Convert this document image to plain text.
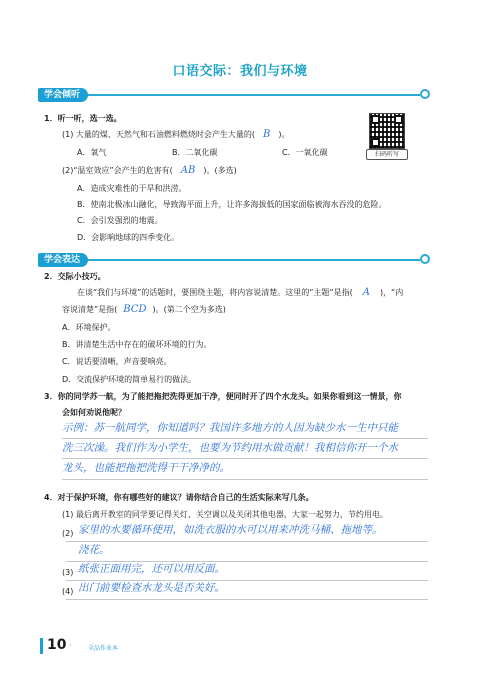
口语交际：我们与环境
学会倾听
1．听一听，选一选。
(1) 大量的煤、天然气和石油燃料燃烧时会产生大量的( B )。
A．氧气	B．二氧化碳	C．一氧化碳	扫码听写
(2)“温室效应”会产生的危害有( AB )。(多选)
A．造成灾难性的干旱和洪涝。
B．使南北极冰山融化，导致海平面上升，让许多海拔低的国家面临被海水吞没的危险。
C．会引发强烈的地震。
D．会影响地球的四季变化。
学会表达
2．交际小技巧。
在谈“我们与环境”的话题时，要围绕主题，将内容说清楚。这里的“主题”是指( A )，“内
容说清楚”是指( BCD )。(第二个空为多选)
A．环境保护。
B．讲清楚生活中存在的破坏环境的行为。
C．说话要清晰，声音要响亮。
D．交流保护环境的简单易行的做法。
3．你的同学苏一航，为了能把拖把洗得更加干净，便同时开了四个水龙头。如果你看到这一情景，你
会如何劝说他呢？
示例：苏一航同学，你知道吗？我国许多地方的人因为缺少水一生中只能
洗三次澡。我们作为小学生，也要为节约用水做贡献！我相信你开一个水
龙头，也能把拖把洗得干干净净的。
4．对于保护环境，你有哪些好的建议？请你结合自己的生活实际来写几条。
(1) 最后离开教室的同学要记得关灯、关空调以及关闭其他电器，大家一起努力，节约用电。
(2) 家里的水要循环使用，如洗衣服的水可以用来冲洗马桶、拖地等。
浇花。
(3) 纸张正面用完，还可以用反面。
(4) 出门前要检查水龙头是否关好。
10 ·	全品作业本
